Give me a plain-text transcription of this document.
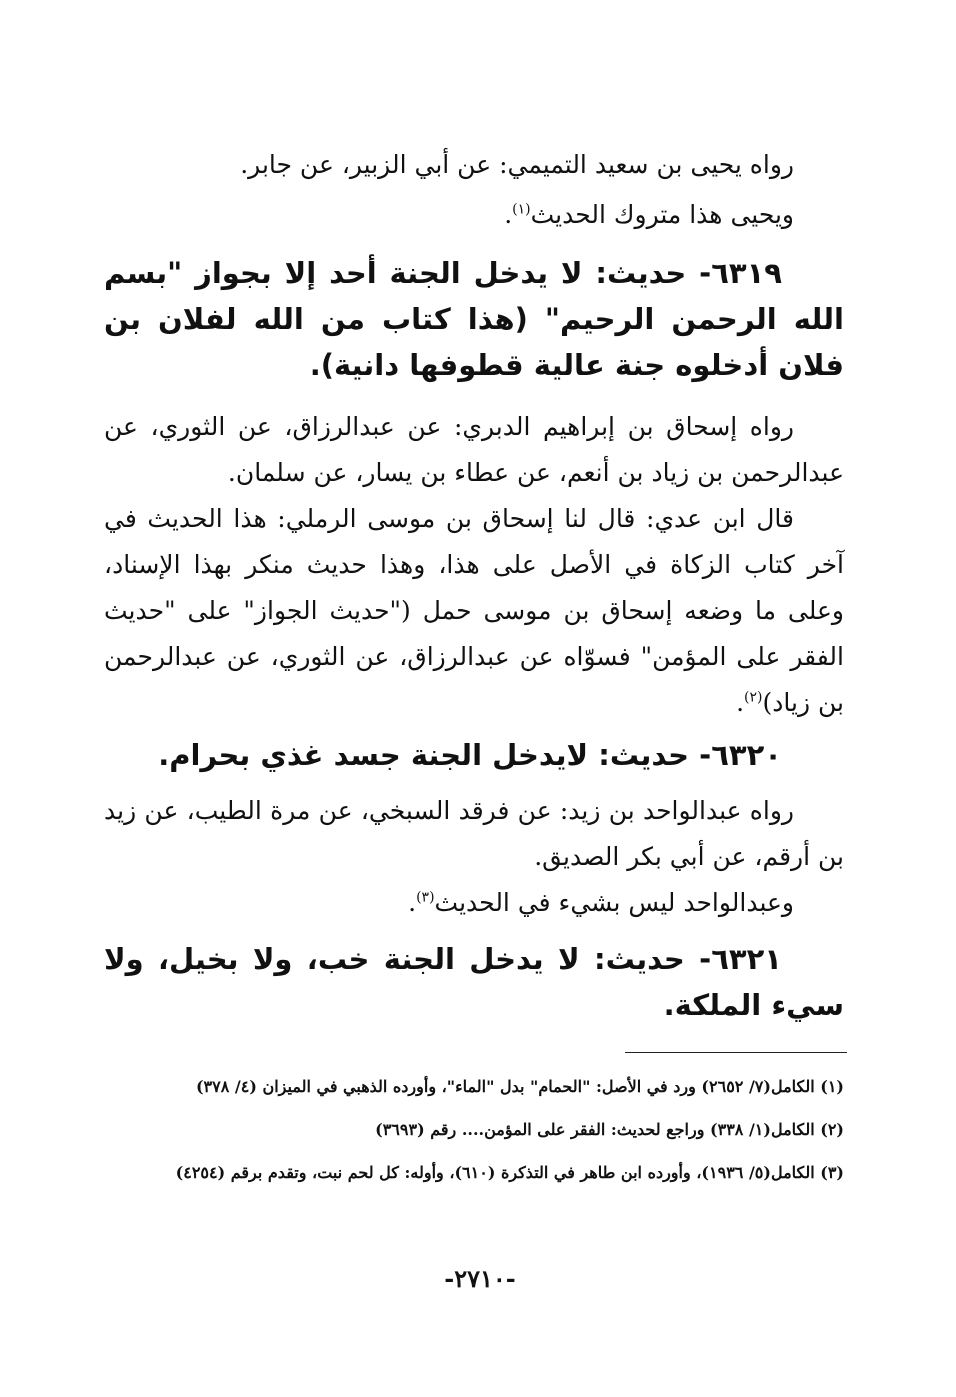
رواه يحيى بن سعيد التميمي: عن أبي الزبير، عن جابر.
ويحيى هذا متروك الحديث$^{(١)}$.
٦٣١٩- حديث: لا يدخل الجنة أحد إلا بجواز "بسم الله الرحمن الرحيم" (هذا كتاب من الله لفلان بن فلان أدخلوه جنة عالية قطوفها دانية).
رواه إسحاق بن إبراهيم الدبري: عن عبدالرزاق، عن الثوري، عن عبدالرحمن بن زياد بن أنعم، عن عطاء بن يسار، عن سلمان.
قال ابن عدي: قال لنا إسحاق بن موسى الرملي: هذا الحديث في آخر كتاب الزكاة في الأصل على هذا، وهذا حديث منكر بهذا الإسناد، وعلى ما وضعه إسحاق بن موسى حمل ("حديث الجواز" على "حديث الفقر على المؤمن" فسوّاه عن عبدالرزاق، عن الثوري، عن عبدالرحمن بن زياد)$^{(٢)}$.
٦٣٢٠- حديث: لايدخل الجنة جسد غذي بحرام.
رواه عبدالواحد بن زيد: عن فرقد السبخي، عن مرة الطيب، عن زيد بن أرقم، عن أبي بكر الصديق.
وعبدالواحد ليس بشيء في الحديث$^{(٣)}$.
٦٣٢١- حديث: لا يدخل الجنة خب، ولا بخيل، ولا سيء الملكة.
(١) الكامل(٧/ ٢٦٥٢) ورد في الأصل: "الحمام" بدل "الماء"، وأورده الذهبي في الميزان (٤/ ٣٧٨)
(٢) الكامل(١/ ٣٣٨) وراجع لحديث: الفقر على المؤمن.... رقم (٣٦٩٣)
(٣) الكامل(٥/ ١٩٣٦)، وأورده ابن طاهر في التذكرة (٦١٠)، وأوله: كل لحم نبت، وتقدم برقم (٤٢٥٤)
-٢٧١٠-
